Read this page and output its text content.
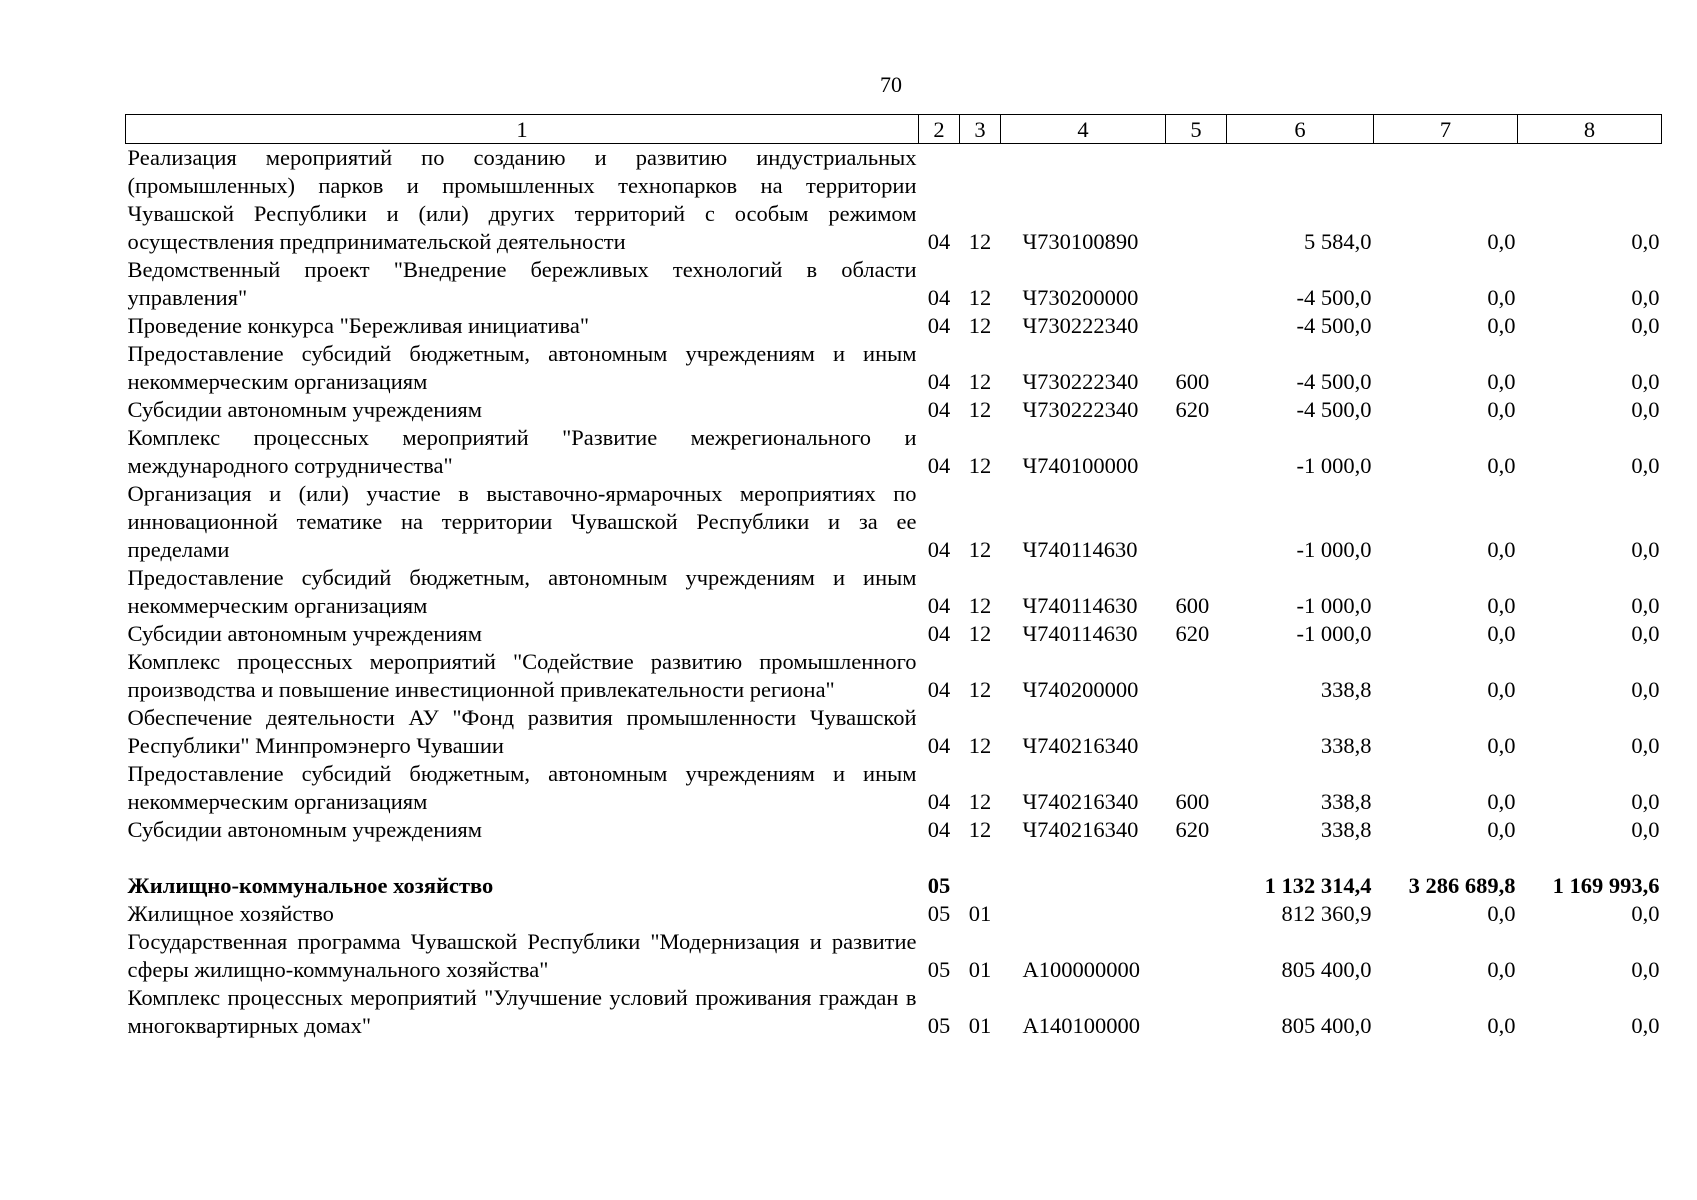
70
1	2	3	4	5	6	7	8
Реализация мероприятий по созданию и развитию индустриальных (промышленных) парков и промышленных технопарков на территории Чувашской Республики и (или) других территорий с особым режимом осуществления предпринимательской деятельности	04	12	Ч730100890		5 584,0	0,0	0,0
Ведомственный проект "Внедрение бережливых технологий в области управления"	04	12	Ч730200000		-4 500,0	0,0	0,0
Проведение конкурса "Бережливая инициатива"	04	12	Ч730222340		-4 500,0	0,0	0,0
Предоставление субсидий бюджетным, автономным учреждениям и иным некоммерческим организациям	04	12	Ч730222340	600	-4 500,0	0,0	0,0
Субсидии автономным учреждениям	04	12	Ч730222340	620	-4 500,0	0,0	0,0
Комплекс процессных мероприятий "Развитие межрегионального и международного сотрудничества"	04	12	Ч740100000		-1 000,0	0,0	0,0
Организация и (или) участие в выставочно-ярмарочных мероприятиях по инновационной тематике на территории Чувашской Республики и за ее пределами	04	12	Ч740114630		-1 000,0	0,0	0,0
Предоставление субсидий бюджетным, автономным учреждениям и иным некоммерческим организациям	04	12	Ч740114630	600	-1 000,0	0,0	0,0
Субсидии автономным учреждениям	04	12	Ч740114630	620	-1 000,0	0,0	0,0
Комплекс процессных мероприятий "Содействие развитию промышленного производства и повышение инвестиционной привлекательности региона"	04	12	Ч740200000		338,8	0,0	0,0
Обеспечение деятельности АУ "Фонд развития промышленности Чувашской Республики" Минпромэнерго Чувашии	04	12	Ч740216340		338,8	0,0	0,0
Предоставление субсидий бюджетным, автономным учреждениям и иным некоммерческим организациям	04	12	Ч740216340	600	338,8	0,0	0,0
Субсидии автономным учреждениям	04	12	Ч740216340	620	338,8	0,0	0,0

Жилищно-коммунальное хозяйство	05				1 132 314,4	3 286 689,8	1 169 993,6
Жилищное хозяйство	05	01			812 360,9	0,0	0,0
Государственная программа Чувашской Республики "Модернизация и развитие сферы жилищно-коммунального хозяйства"	05	01	А100000000		805 400,0	0,0	0,0
Комплекс процессных мероприятий "Улучшение условий проживания граждан в многоквартирных домах"	05	01	А140100000		805 400,0	0,0	0,0
